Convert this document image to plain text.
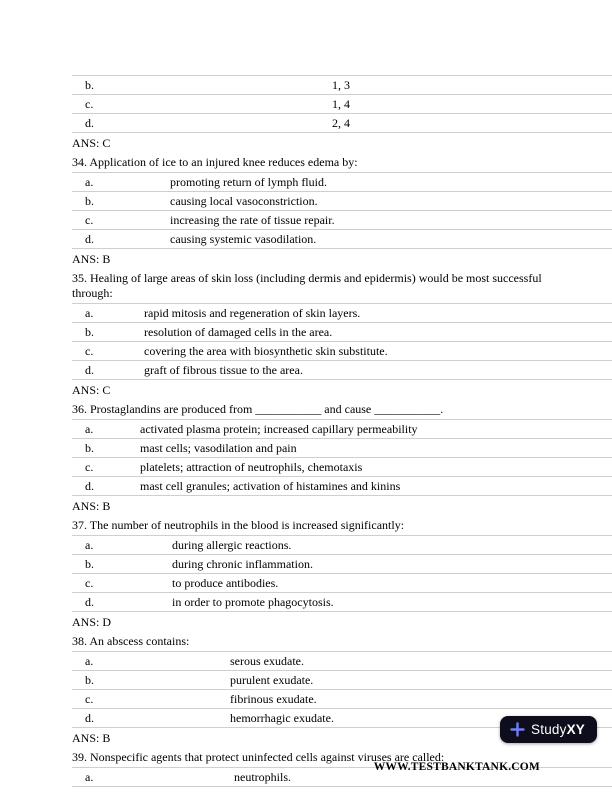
b.	1, 3
c.	1, 4
d.	2, 4
ANS: C
34. Application of ice to an injured knee reduces edema by:
a.	promoting return of lymph fluid.
b.	causing local vasoconstriction.
c.	increasing the rate of tissue repair.
d.	causing systemic vasodilation.
ANS: B
35. Healing of large areas of skin loss (including dermis and epidermis) would be most successful through:
a.	rapid mitosis and regeneration of skin layers.
b.	resolution of damaged cells in the area.
c.	covering the area with biosynthetic skin substitute.
d.	graft of fibrous tissue to the area.
ANS: C
36. Prostaglandins are produced from ___________ and cause ___________.
a.	activated plasma protein; increased capillary permeability
b.	mast cells; vasodilation and pain
c.	platelets; attraction of neutrophils, chemotaxis
d.	mast cell granules; activation of histamines and kinins
ANS: B
37. The number of neutrophils in the blood is increased significantly:
a.	during allergic reactions.
b.	during chronic inflammation.
c.	to produce antibodies.
d.	in order to promote phagocytosis.
ANS: D
38. An abscess contains:
a.	serous exudate.
b.	purulent exudate.
c.	fibrinous exudate.
d.	hemorrhagic exudate.
ANS: B
39. Nonspecific agents that protect uninfected cells against viruses are called:
a.	neutrophils.
StudyXY
WWW.TESTBANKTANK.COM
